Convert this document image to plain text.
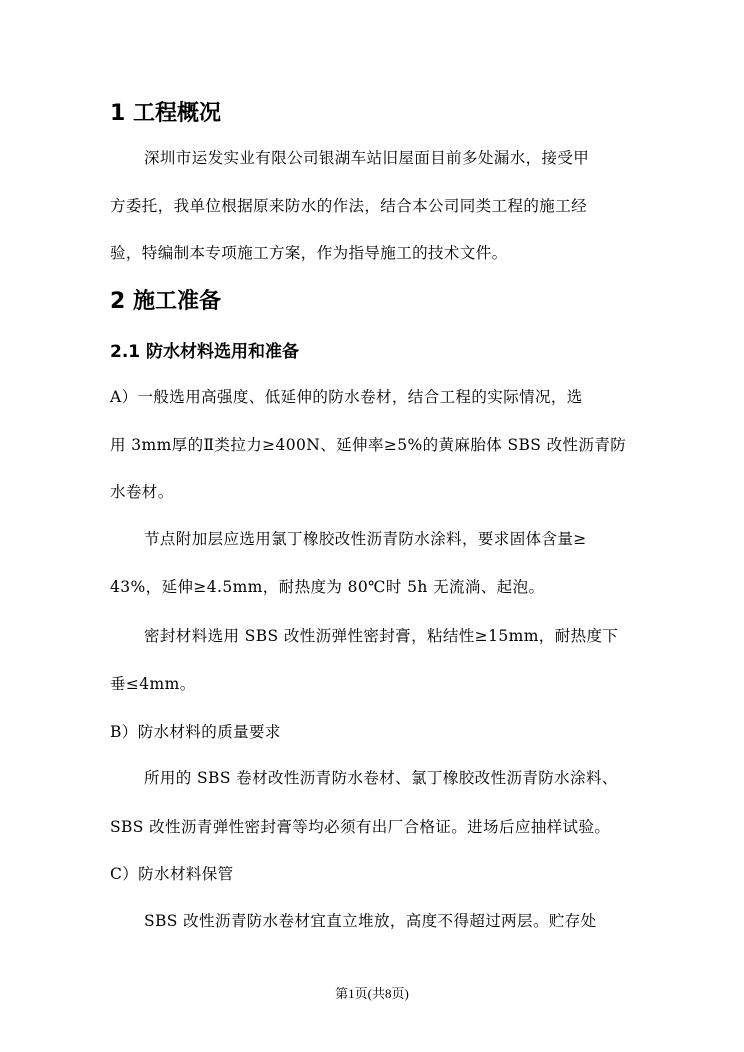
1 工程概况
深圳市运发实业有限公司银湖车站旧屋面目前多处漏水，接受甲
方委托，我单位根据原来防水的作法，结合本公司同类工程的施工经
验，特编制本专项施工方案，作为指导施工的技术文件。
2 施工准备
2.1 防水材料选用和准备
A）一般选用高强度、低延伸的防水卷材，结合工程的实际情况，选
用 3mm厚的Ⅱ类拉力≥400N、延伸率≥5%的黄麻胎体 SBS 改性沥青防
水卷材。
节点附加层应选用氯丁橡胶改性沥青防水涂料，要求固体含量≥
43%，延伸≥4.5mm，耐热度为 80℃时 5h 无流淌、起泡。
密封材料选用 SBS 改性沥弹性密封膏，粘结性≥15mm，耐热度下
垂≤4mm。
B）防水材料的质量要求
所用的 SBS 卷材改性沥青防水卷材、氯丁橡胶改性沥青防水涂料、
SBS 改性沥青弹性密封膏等均必须有出厂合格证。进场后应抽样试验。
C）防水材料保管
SBS 改性沥青防水卷材宜直立堆放，高度不得超过两层。贮存处
第1页(共8页)
